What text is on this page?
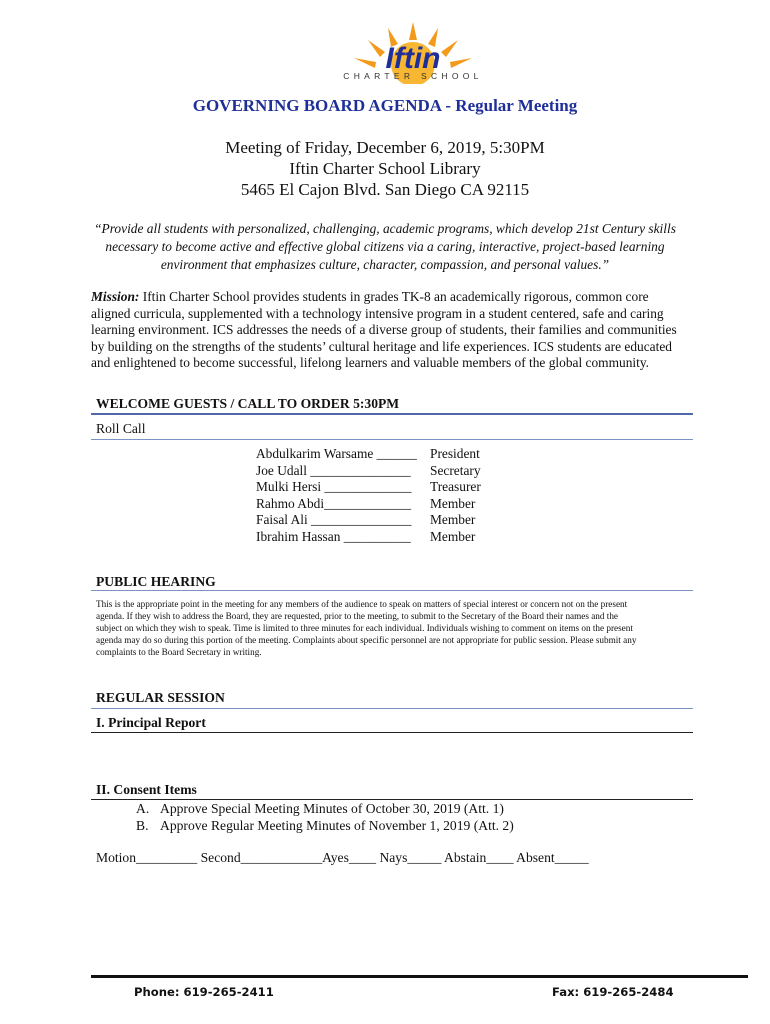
Iftin
CHARTER SCHOOL
GOVERNING BOARD AGENDA - Regular Meeting
Meeting of Friday, December 6, 2019, 5:30PM
Iftin Charter School Library
5465 El Cajon Blvd. San Diego CA 92115
“Provide all students with personalized, challenging, academic programs, which develop 21st Century skills
necessary to become active and effective global citizens via a caring, interactive, project-based learning
environment that emphasizes culture, character, compassion, and personal values.”
Mission: Iftin Charter School provides students in grades TK-8 an academically rigorous, common core
aligned curricula, supplemented with a technology intensive program in a student centered, safe and caring
learning environment. ICS addresses the needs of a diverse group of students, their families and communities
by building on the strengths of the students’ cultural heritage and life experiences. ICS students are educated
and enlightened to become successful, lifelong learners and valuable members of the global community.
WELCOME GUESTS / CALL TO ORDER 5:30PM
Roll Call
Abdulkarim Warsame ______ President
Joe Udall _______________ Secretary
Mulki Hersi _____________ Treasurer
Rahmo Abdi_____________ Member
Faisal Ali _______________ Member
Ibrahim Hassan __________ Member
PUBLIC HEARING
This is the appropriate point in the meeting for any members of the audience to speak on matters of special interest or concern not on the present
agenda. If they wish to address the Board, they are requested, prior to the meeting, to submit to the Secretary of the Board their names and the
subject on which they wish to speak. Time is limited to three minutes for each individual. Individuals wishing to comment on items on the present
agenda may do so during this portion of the meeting. Complaints about specific personnel are not appropriate for public session. Please submit any
complaints to the Board Secretary in writing.
REGULAR SESSION
I. Principal Report
II. Consent Items
A. Approve Special Meeting Minutes of October 30, 2019 (Att. 1)
B. Approve Regular Meeting Minutes of November 1, 2019 (Att. 2)
Motion_________ Second____________Ayes____ Nays_____ Abstain____ Absent_____
Phone: 619-265-2411	Fax: 619-265-2484
